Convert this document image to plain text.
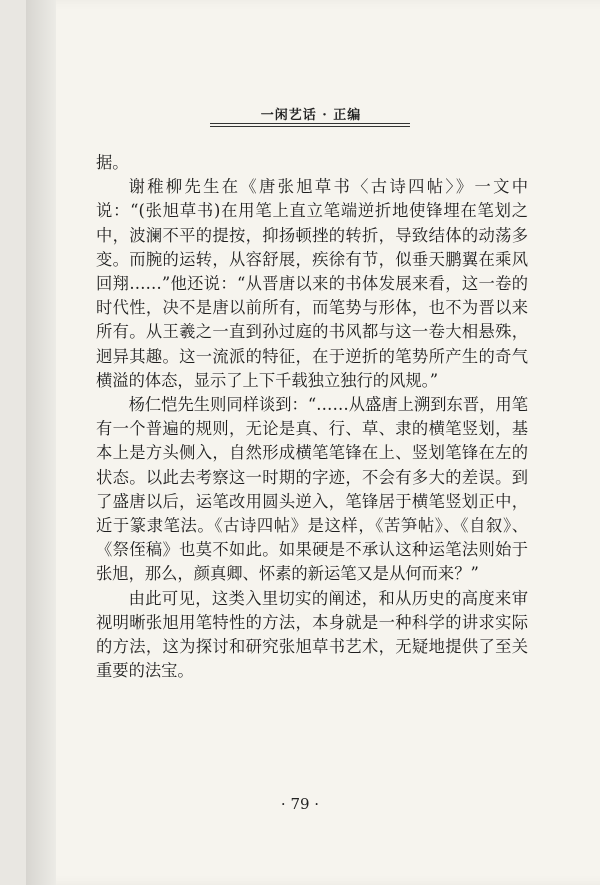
一闲艺话 · 正编

据。

谢稚柳先生在《唐张旭草书〈古诗四帖〉》一文中说：“(张旭草书)在用笔上直立笔端逆折地使锋埋在笔划之中，波澜不平的提按，抑扬顿挫的转折，导致结体的动荡多变。而腕的运转，从容舒展，疾徐有节，似垂天鹏翼在乘风回翔……”他还说：“从晋唐以来的书体发展来看，这一卷的时代性，决不是唐以前所有，而笔势与形体，也不为晋以来所有。从王羲之一直到孙过庭的书风都与这一卷大相悬殊，迥异其趣。这一流派的特征，在于逆折的笔势所产生的奇气横溢的体态，显示了上下千载独立独行的风规。”

杨仁恺先生则同样谈到：“……从盛唐上溯到东晋，用笔有一个普遍的规则，无论是真、行、草、隶的横笔竖划，基本上是方头侧入，自然形成横笔笔锋在上、竖划笔锋在左的状态。以此去考察这一时期的字迹，不会有多大的差误。到了盛唐以后，运笔改用圆头逆入，笔锋居于横笔竖划正中，近于篆隶笔法。《古诗四帖》是这样，《苦笋帖》、《自叙》、《祭侄稿》也莫不如此。如果硬是不承认这种运笔法则始于张旭，那么，颜真卿、怀素的新运笔又是从何而来？”

由此可见，这类入里切实的阐述，和从历史的高度来审视明晰张旭用笔特性的方法，本身就是一种科学的讲求实际的方法，这为探讨和研究张旭草书艺术，无疑地提供了至关重要的法宝。

· 79 ·
